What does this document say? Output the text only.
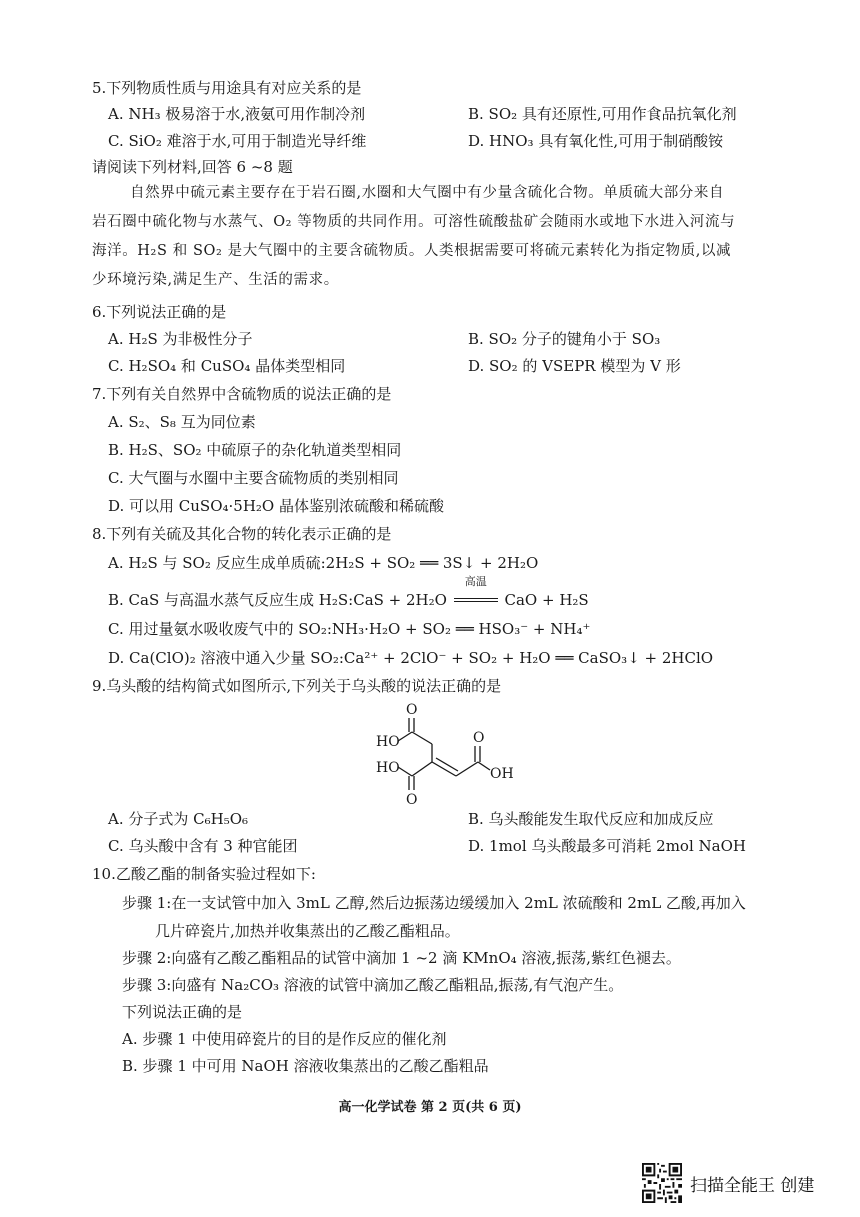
5.下列物质性质与用途具有对应关系的是
A. NH₃ 极易溶于水,液氨可用作制冷剂	B. SO₂ 具有还原性,可用作食品抗氧化剂
C. SiO₂ 难溶于水,可用于制造光导纤维	D. HNO₃ 具有氧化性,可用于制硝酸铵
请阅读下列材料,回答 6 ~8 题
自然界中硫元素主要存在于岩石圈,水圈和大气圈中有少量含硫化合物。单质硫大部分来自
岩石圈中硫化物与水蒸气、O₂ 等物质的共同作用。可溶性硫酸盐矿会随雨水或地下水进入河流与
海洋。H₂S 和 SO₂ 是大气圈中的主要含硫物质。人类根据需要可将硫元素转化为指定物质,以减
少环境污染,满足生产、生活的需求。
6.下列说法正确的是
A. H₂S 为非极性分子	B. SO₂ 分子的键角小于 SO₃
C. H₂SO₄ 和 CuSO₄ 晶体类型相同	D. SO₂ 的 VSEPR 模型为 V 形
7.下列有关自然界中含硫物质的说法正确的是
A. S₂、S₈ 互为同位素
B. H₂S、SO₂ 中硫原子的杂化轨道类型相同
C. 大气圈与水圈中主要含硫物质的类别相同
D. 可以用 CuSO₄·5H₂O 晶体鉴别浓硫酸和稀硫酸
8.下列有关硫及其化合物的转化表示正确的是
A. H₂S 与 SO₂ 反应生成单质硫:2H₂S + SO₂ ══ 3S↓ + 2H₂O
B. CaS 与高温水蒸气反应生成 H₂S:CaS + 2H₂O
高温
CaO + H₂S
C. 用过量氨水吸收废气中的 SO₂:NH₃·H₂O + SO₂ ══ HSO₃⁻ + NH₄⁺
D. Ca(ClO)₂ 溶液中通入少量 SO₂:Ca²⁺ + 2ClO⁻ + SO₂ + H₂O ══ CaSO₃↓ + 2HClO
9.乌头酸的结构简式如图所示,下列关于乌头酸的说法正确的是
O
HO
HO
O
O
OH
A. 分子式为 C₆H₅O₆	B. 乌头酸能发生取代反应和加成反应
C. 乌头酸中含有 3 种官能团	D. 1mol 乌头酸最多可消耗 2mol NaOH
10.乙酸乙酯的制备实验过程如下:
步骤 1:在一支试管中加入 3mL 乙醇,然后边振荡边缓缓加入 2mL 浓硫酸和 2mL 乙酸,再加入
几片碎瓷片,加热并收集蒸出的乙酸乙酯粗品。
步骤 2:向盛有乙酸乙酯粗品的试管中滴加 1 ~2 滴 KMnO₄ 溶液,振荡,紫红色褪去。
步骤 3:向盛有 Na₂CO₃ 溶液的试管中滴加乙酸乙酯粗品,振荡,有气泡产生。
下列说法正确的是
A. 步骤 1 中使用碎瓷片的目的是作反应的催化剂
B. 步骤 1 中可用 NaOH 溶液收集蒸出的乙酸乙酯粗品
高一化学试卷 第 2 页(共 6 页)
扫描全能王 创建
